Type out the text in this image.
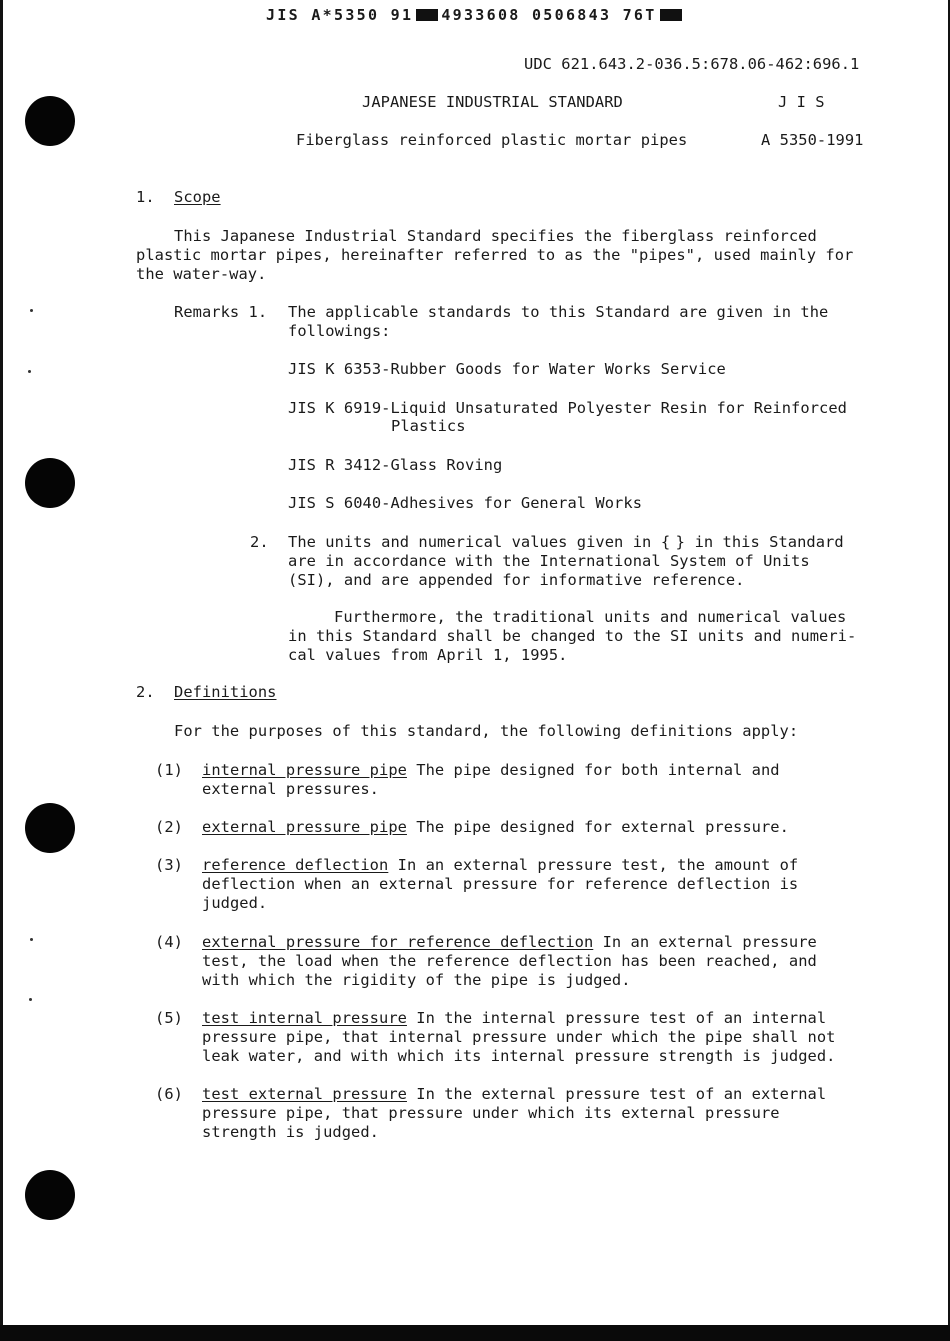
JIS A*5350 91 4933608 0506843 76T
UDC 621.643.2-036.5:678.06-462:696.1
JAPANESE INDUSTRIAL STANDARD	J I S
Fiberglass reinforced plastic mortar pipes	A 5350-1991
1. Scope
This Japanese Industrial Standard specifies the fiberglass reinforced
plastic mortar pipes, hereinafter referred to as the "pipes", used mainly for
the water-way.
Remarks 1. The applicable standards to this Standard are given in the
followings:
JIS K 6353-Rubber Goods for Water Works Service
JIS K 6919-Liquid Unsaturated Polyester Resin for Reinforced
Plastics
JIS R 3412-Glass Roving
JIS S 6040-Adhesives for General Works
2. The units and numerical values given in { } in this Standard
are in accordance with the International System of Units
(SI), and are appended for informative reference.
Furthermore, the traditional units and numerical values
in this Standard shall be changed to the SI units and numeri-
cal values from April 1, 1995.
2. Definitions
For the purposes of this standard, the following definitions apply:
(1) internal pressure pipe The pipe designed for both internal and
external pressures.
(2) external pressure pipe The pipe designed for external pressure.
(3) reference deflection In an external pressure test, the amount of
deflection when an external pressure for reference deflection is
judged.
(4) external pressure for reference deflection In an external pressure
test, the load when the reference deflection has been reached, and
with which the rigidity of the pipe is judged.
(5) test internal pressure In the internal pressure test of an internal
pressure pipe, that internal pressure under which the pipe shall not
leak water, and with which its internal pressure strength is judged.
(6) test external pressure In the external pressure test of an external
pressure pipe, that pressure under which its external pressure
strength is judged.
